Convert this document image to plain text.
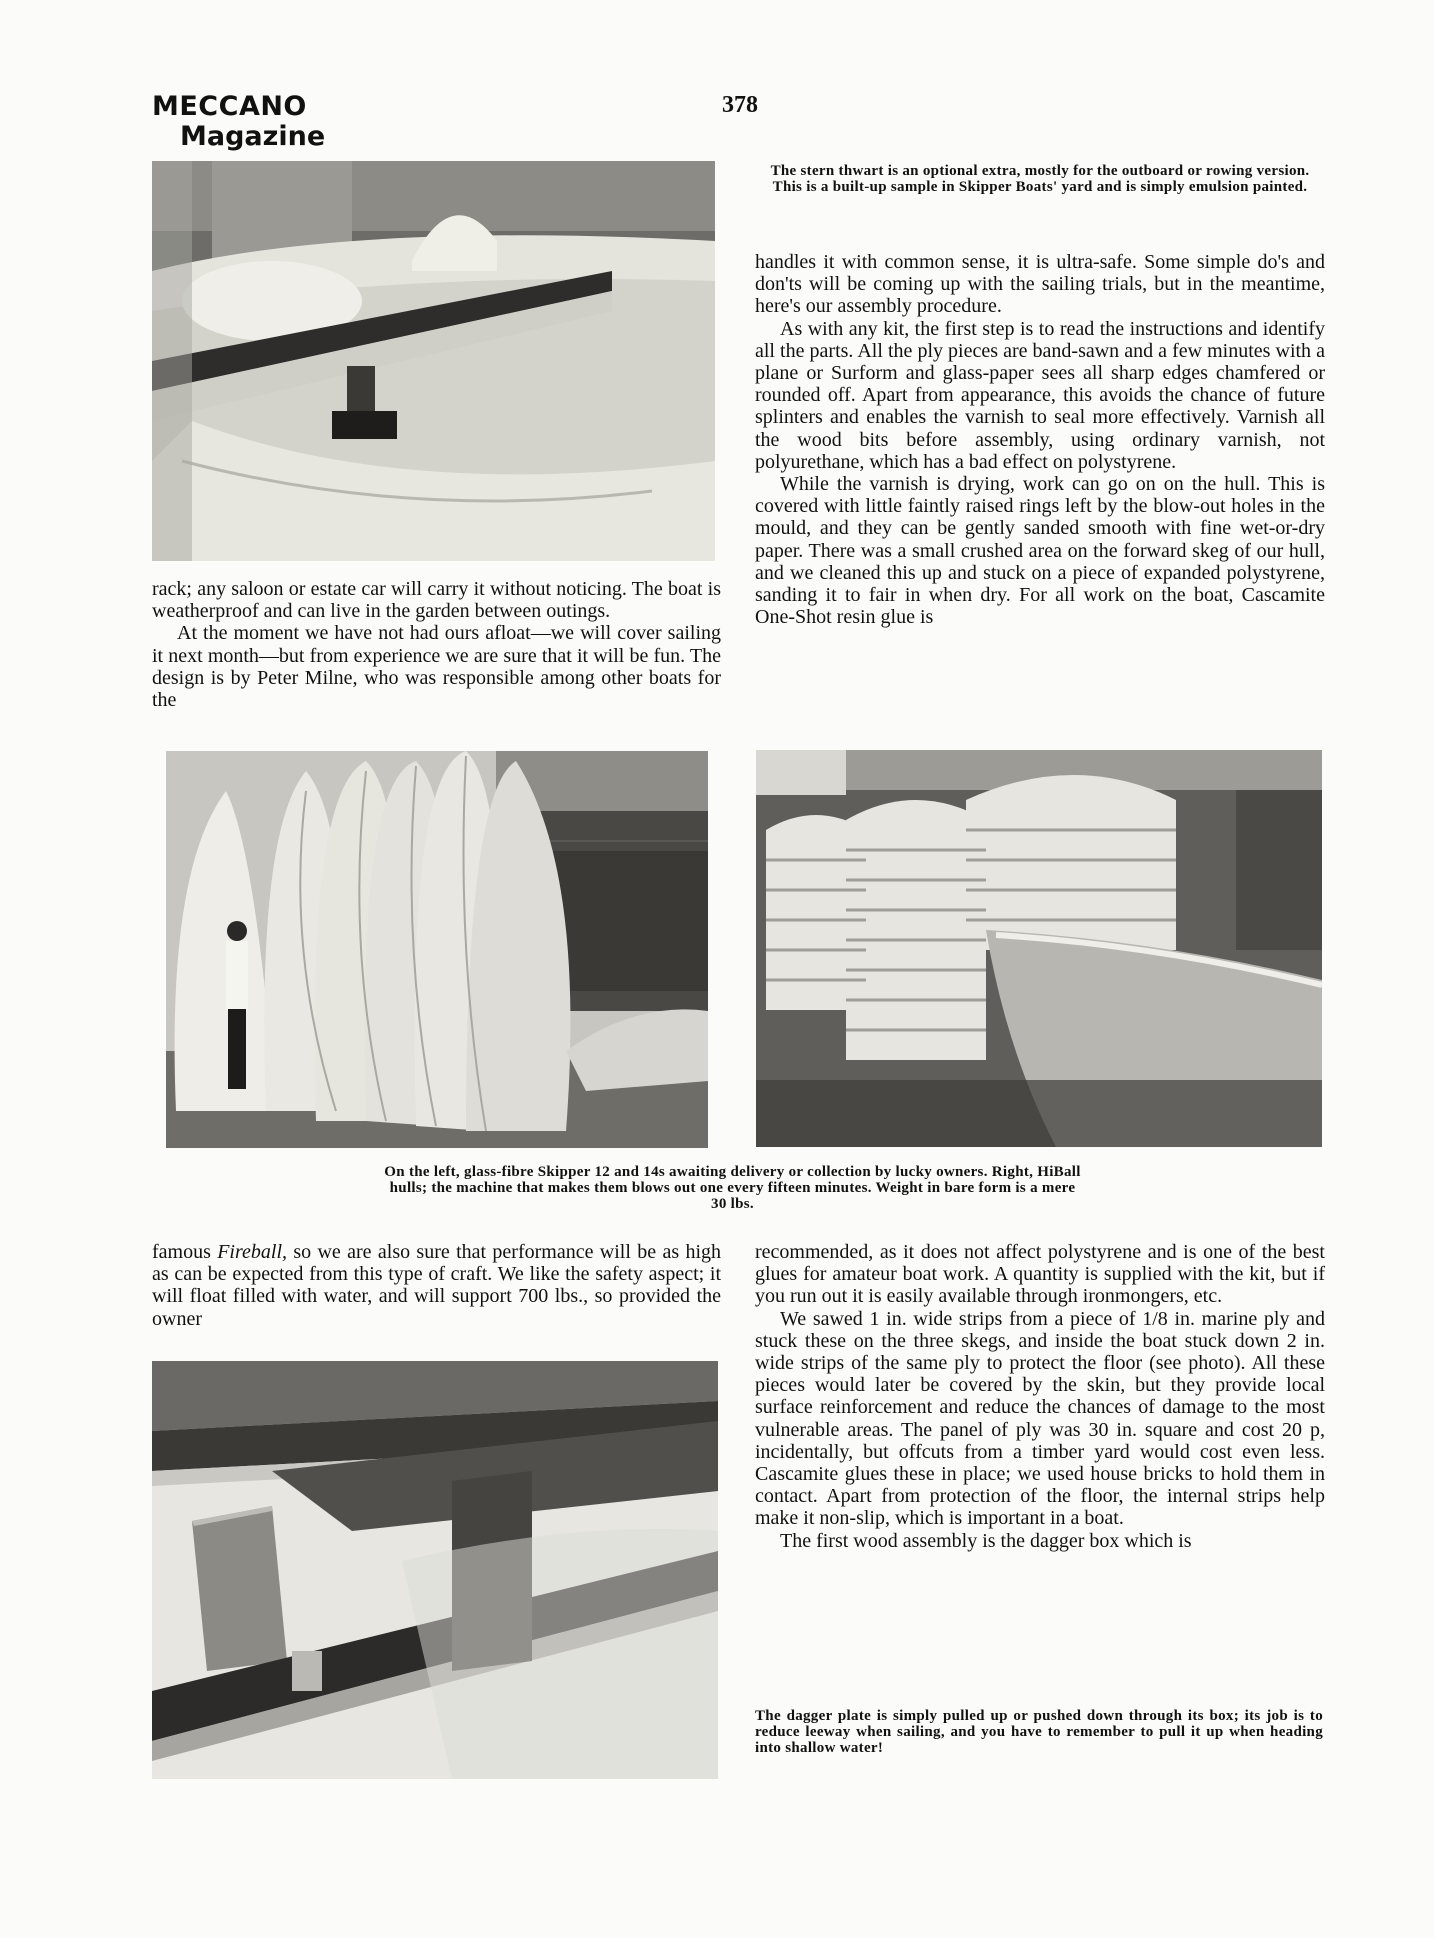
MECCANO
Magazine
378
The stern thwart is an optional extra, mostly for the outboard or rowing version. This is a built-up sample in Skipper Boats' yard and is simply emulsion painted.

rack; any saloon or estate car will carry it without noticing. The boat is weatherproof and can live in the garden between outings.

At the moment we have not had ours afloat—we will cover sailing it next month—but from experience we are sure that it will be fun. The design is by Peter Milne, who was responsible among other boats for the

handles it with common sense, it is ultra-safe. Some simple do's and don'ts will be coming up with the sailing trials, but in the meantime, here's our assembly procedure.

As with any kit, the first step is to read the instructions and identify all the parts. All the ply pieces are band-sawn and a few minutes with a plane or Surform and glass-paper sees all sharp edges chamfered or rounded off. Apart from appearance, this avoids the chance of future splinters and enables the varnish to seal more effectively. Varnish all the wood bits before assembly, using ordinary varnish, not polyurethane, which has a bad effect on polystyrene.

While the varnish is drying, work can go on on the hull. This is covered with little faintly raised rings left by the blow-out holes in the mould, and they can be gently sanded smooth with fine wet-or-dry paper. There was a small crushed area on the forward skeg of our hull, and we cleaned this up and stuck on a piece of expanded polystyrene, sanding it to fair in when dry. For all work on the boat, Cascamite One-Shot resin glue is

On the left, glass-fibre Skipper 12 and 14s awaiting delivery or collection by lucky owners. Right, HiBall hulls; the machine that makes them blows out one every fifteen minutes. Weight in bare form is a mere 30 lbs.

famous Fireball, so we are also sure that performance will be as high as can be expected from this type of craft. We like the safety aspect; it will float filled with water, and will support 700 lbs., so provided the owner

recommended, as it does not affect polystyrene and is one of the best glues for amateur boat work. A quantity is supplied with the kit, but if you run out it is easily available through ironmongers, etc.

We sawed 1 in. wide strips from a piece of 1/8 in. marine ply and stuck these on the three skegs, and inside the boat stuck down 2 in. wide strips of the same ply to protect the floor (see photo). All these pieces would later be covered by the skin, but they provide local surface reinforcement and reduce the chances of damage to the most vulnerable areas. The panel of ply was 30 in. square and cost 20 p, incidentally, but offcuts from a timber yard would cost even less. Cascamite glues these in place; we used house bricks to hold them in contact. Apart from protection of the floor, the internal strips help make it non-slip, which is important in a boat.

The first wood assembly is the dagger box which is

The dagger plate is simply pulled up or pushed down through its box; its job is to reduce leeway when sailing, and you have to remember to pull it up when heading into shallow water!
